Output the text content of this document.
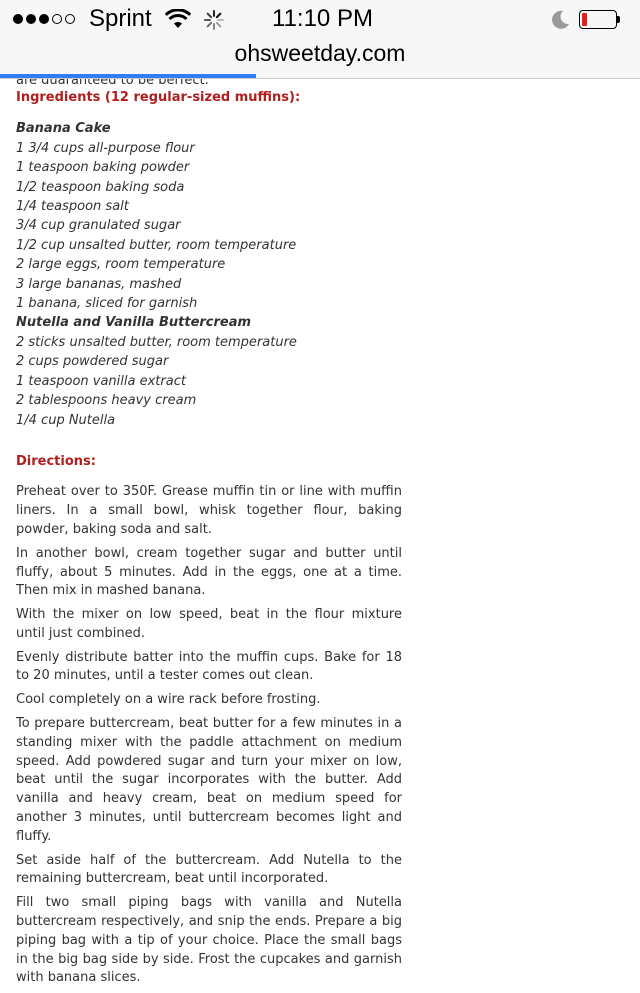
Sprint	11:10 PM
ohsweetday.com
Ingredients (12 regular-sized muffins):
Banana Cake
1 3/4 cups all-purpose flour
1 teaspoon baking powder
1/2 teaspoon baking soda
1/4 teaspoon salt
3/4 cup granulated sugar
1/2 cup unsalted butter, room temperature
2 large eggs, room temperature
3 large bananas, mashed
1 banana, sliced for garnish
Nutella and Vanilla Buttercream
2 sticks unsalted butter, room temperature
2 cups powdered sugar
1 teaspoon vanilla extract
2 tablespoons heavy cream
1/4 cup Nutella
Directions:
Preheat over to 350F. Grease muffin tin or line with muffin liners. In a small bowl, whisk together flour, baking powder, baking soda and salt.
In another bowl, cream together sugar and butter until fluffy, about 5 minutes. Add in the eggs, one at a time. Then mix in mashed banana.
With the mixer on low speed, beat in the flour mixture until just combined.
Evenly distribute batter into the muffin cups. Bake for 18 to 20 minutes, until a tester comes out clean.
Cool completely on a wire rack before frosting.
To prepare buttercream, beat butter for a few minutes in a standing mixer with the paddle attachment on medium speed. Add powdered sugar and turn your mixer on low, beat until the sugar incorporates with the butter. Add vanilla and heavy cream, beat on medium speed for another 3 minutes, until buttercream becomes light and fluffy.
Set aside half of the buttercream. Add Nutella to the remaining buttercream, beat until incorporated.
Fill two small piping bags with vanilla and Nutella buttercream respectively, and snip the ends. Prepare a big piping bag with a tip of your choice. Place the small bags in the big bag side by side. Frost the cupcakes and garnish with banana slices.
